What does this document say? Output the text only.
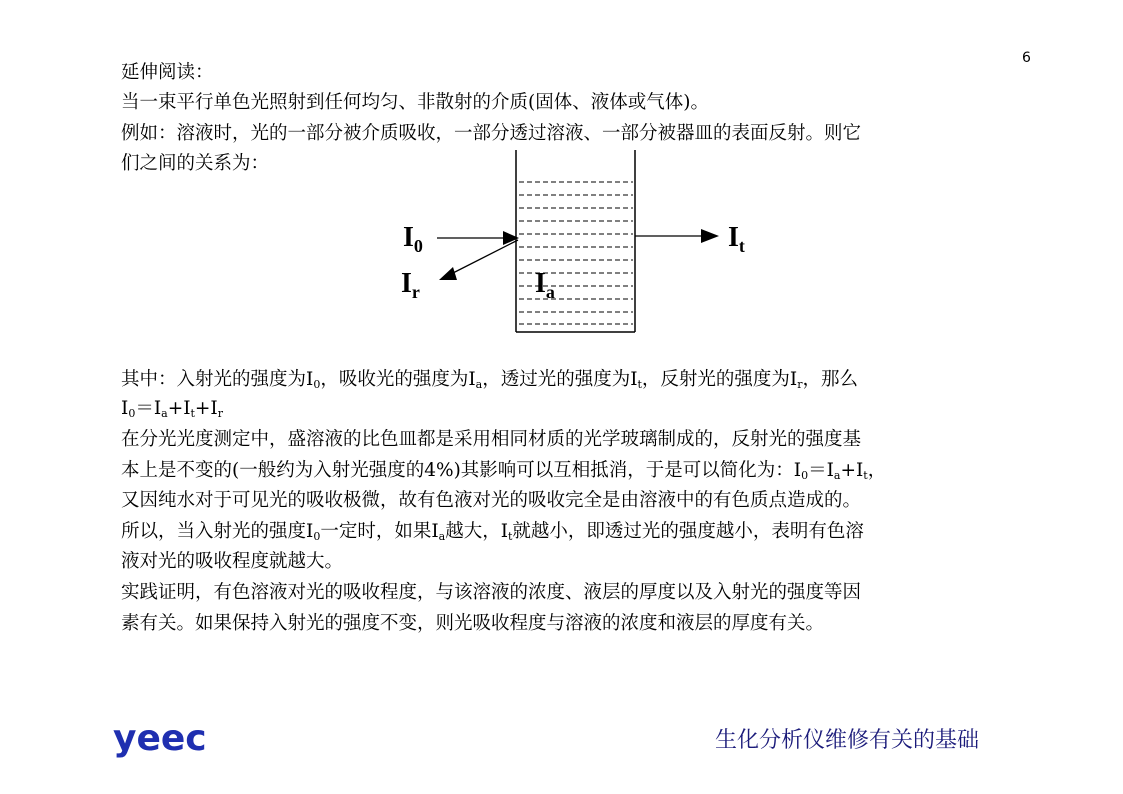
6
延伸阅读：
当一束平行单色光照射到任何均匀、非散射的介质(固体、液体或气体)。
例如：溶液时，光的一部分被介质吸收，一部分透过溶液、一部分被器皿的表面反射。则它
们之间的关系为：
$I_0$	$I_t$
$I_r$	$I_a$
其中：入射光的强度为$I_0$，吸收光的强度为$I_a$，透过光的强度为$I_t$，反射光的强度为$I_r$，那么
$I_0=I_a+I_t+I_r$
在分光光度测定中，盛溶液的比色皿都是采用相同材质的光学玻璃制成的，反射光的强度基
本上是不变的(一般约为入射光强度的4%)其影响可以互相抵消，于是可以简化为：$I_0=I_a+I_t$，
又因纯水对于可见光的吸收极微，故有色液对光的吸收完全是由溶液中的有色质点造成的。
所以，当入射光的强度$I_0$一定时，如果$I_a$越大，$I_t$就越小，即透过光的强度越小，表明有色溶
液对光的吸收程度就越大。
实践证明，有色溶液对光的吸收程度，与该溶液的浓度、液层的厚度以及入射光的强度等因
素有关。如果保持入射光的强度不变，则光吸收程度与溶液的浓度和液层的厚度有关。
yeec	生化分析仪维修有关的基础
